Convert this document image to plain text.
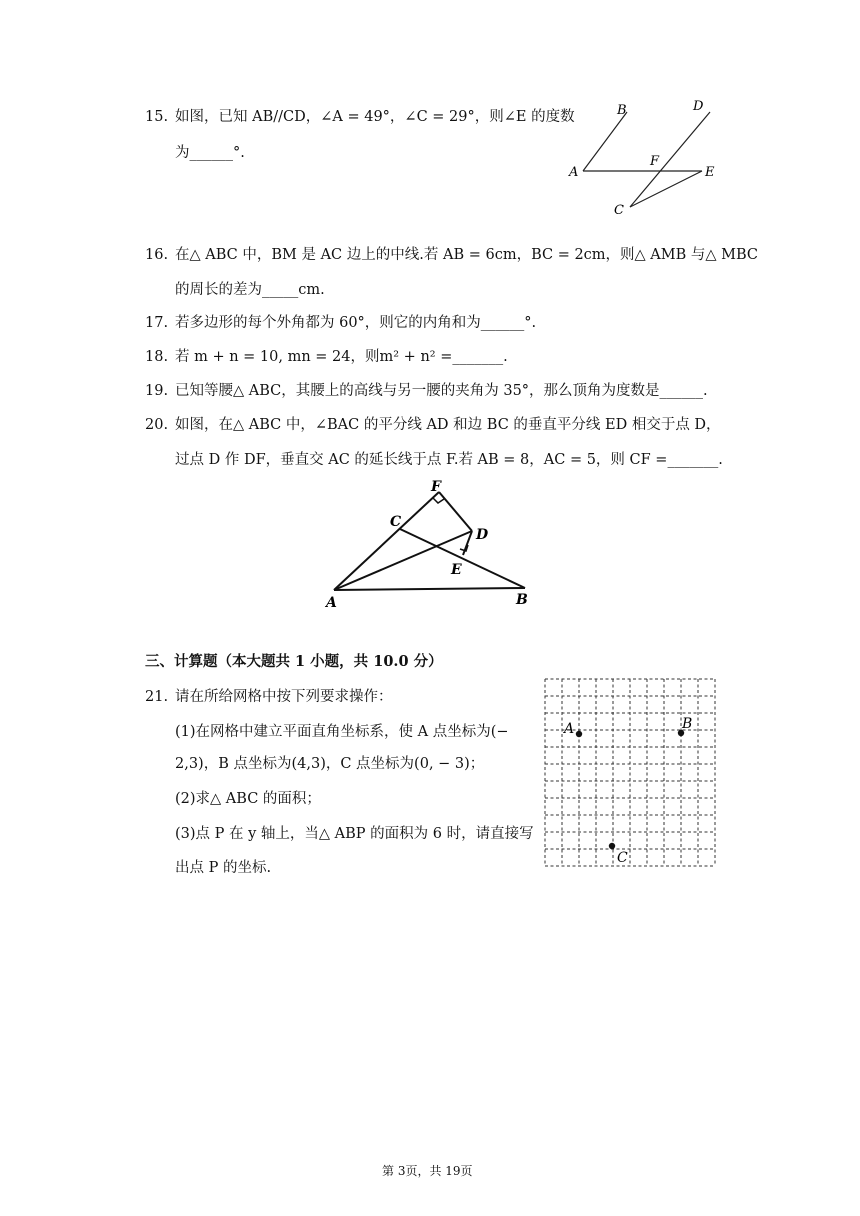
15. 如图，已知 AB//CD，∠A = 49°，∠C = 29°，则∠E 的度数
为______°.
B	D
A
F
E
C
16. 在△ ABC 中，BM 是 AC 边上的中线.若 AB = 6cm，BC = 2cm，则△ AMB 与△ MBC
的周长的差为_____cm.
17. 若多边形的每个外角都为 60°，则它的内角和为______°.
18. 若 m + n = 10, mn = 24，则m² + n² =_______.
19. 已知等腰△ ABC，其腰上的高线与另一腰的夹角为 35°，那么顶角为度数是______.
20. 如图，在△ ABC 中，∠BAC 的平分线 AD 和边 BC 的垂直平分线 ED 相交于点 D，
过点 D 作 DF，垂直交 AC 的延长线于点 F.若 AB = 8，AC = 5，则 CF =_______.
F
C
D
E
A	B
三、计算题（本大题共 1 小题，共 10.0 分）
21. 请在所给网格中按下列要求操作：
(1)在网格中建立平面直角坐标系，使 A 点坐标为(−
2,3)，B 点坐标为(4,3)，C 点坐标为(0, − 3)；
(2)求△ ABC 的面积；
(3)点 P 在 y 轴上，当△ ABP 的面积为 6 时，请直接写
出点 P 的坐标.
A	B
C
第 3页，共 19页
